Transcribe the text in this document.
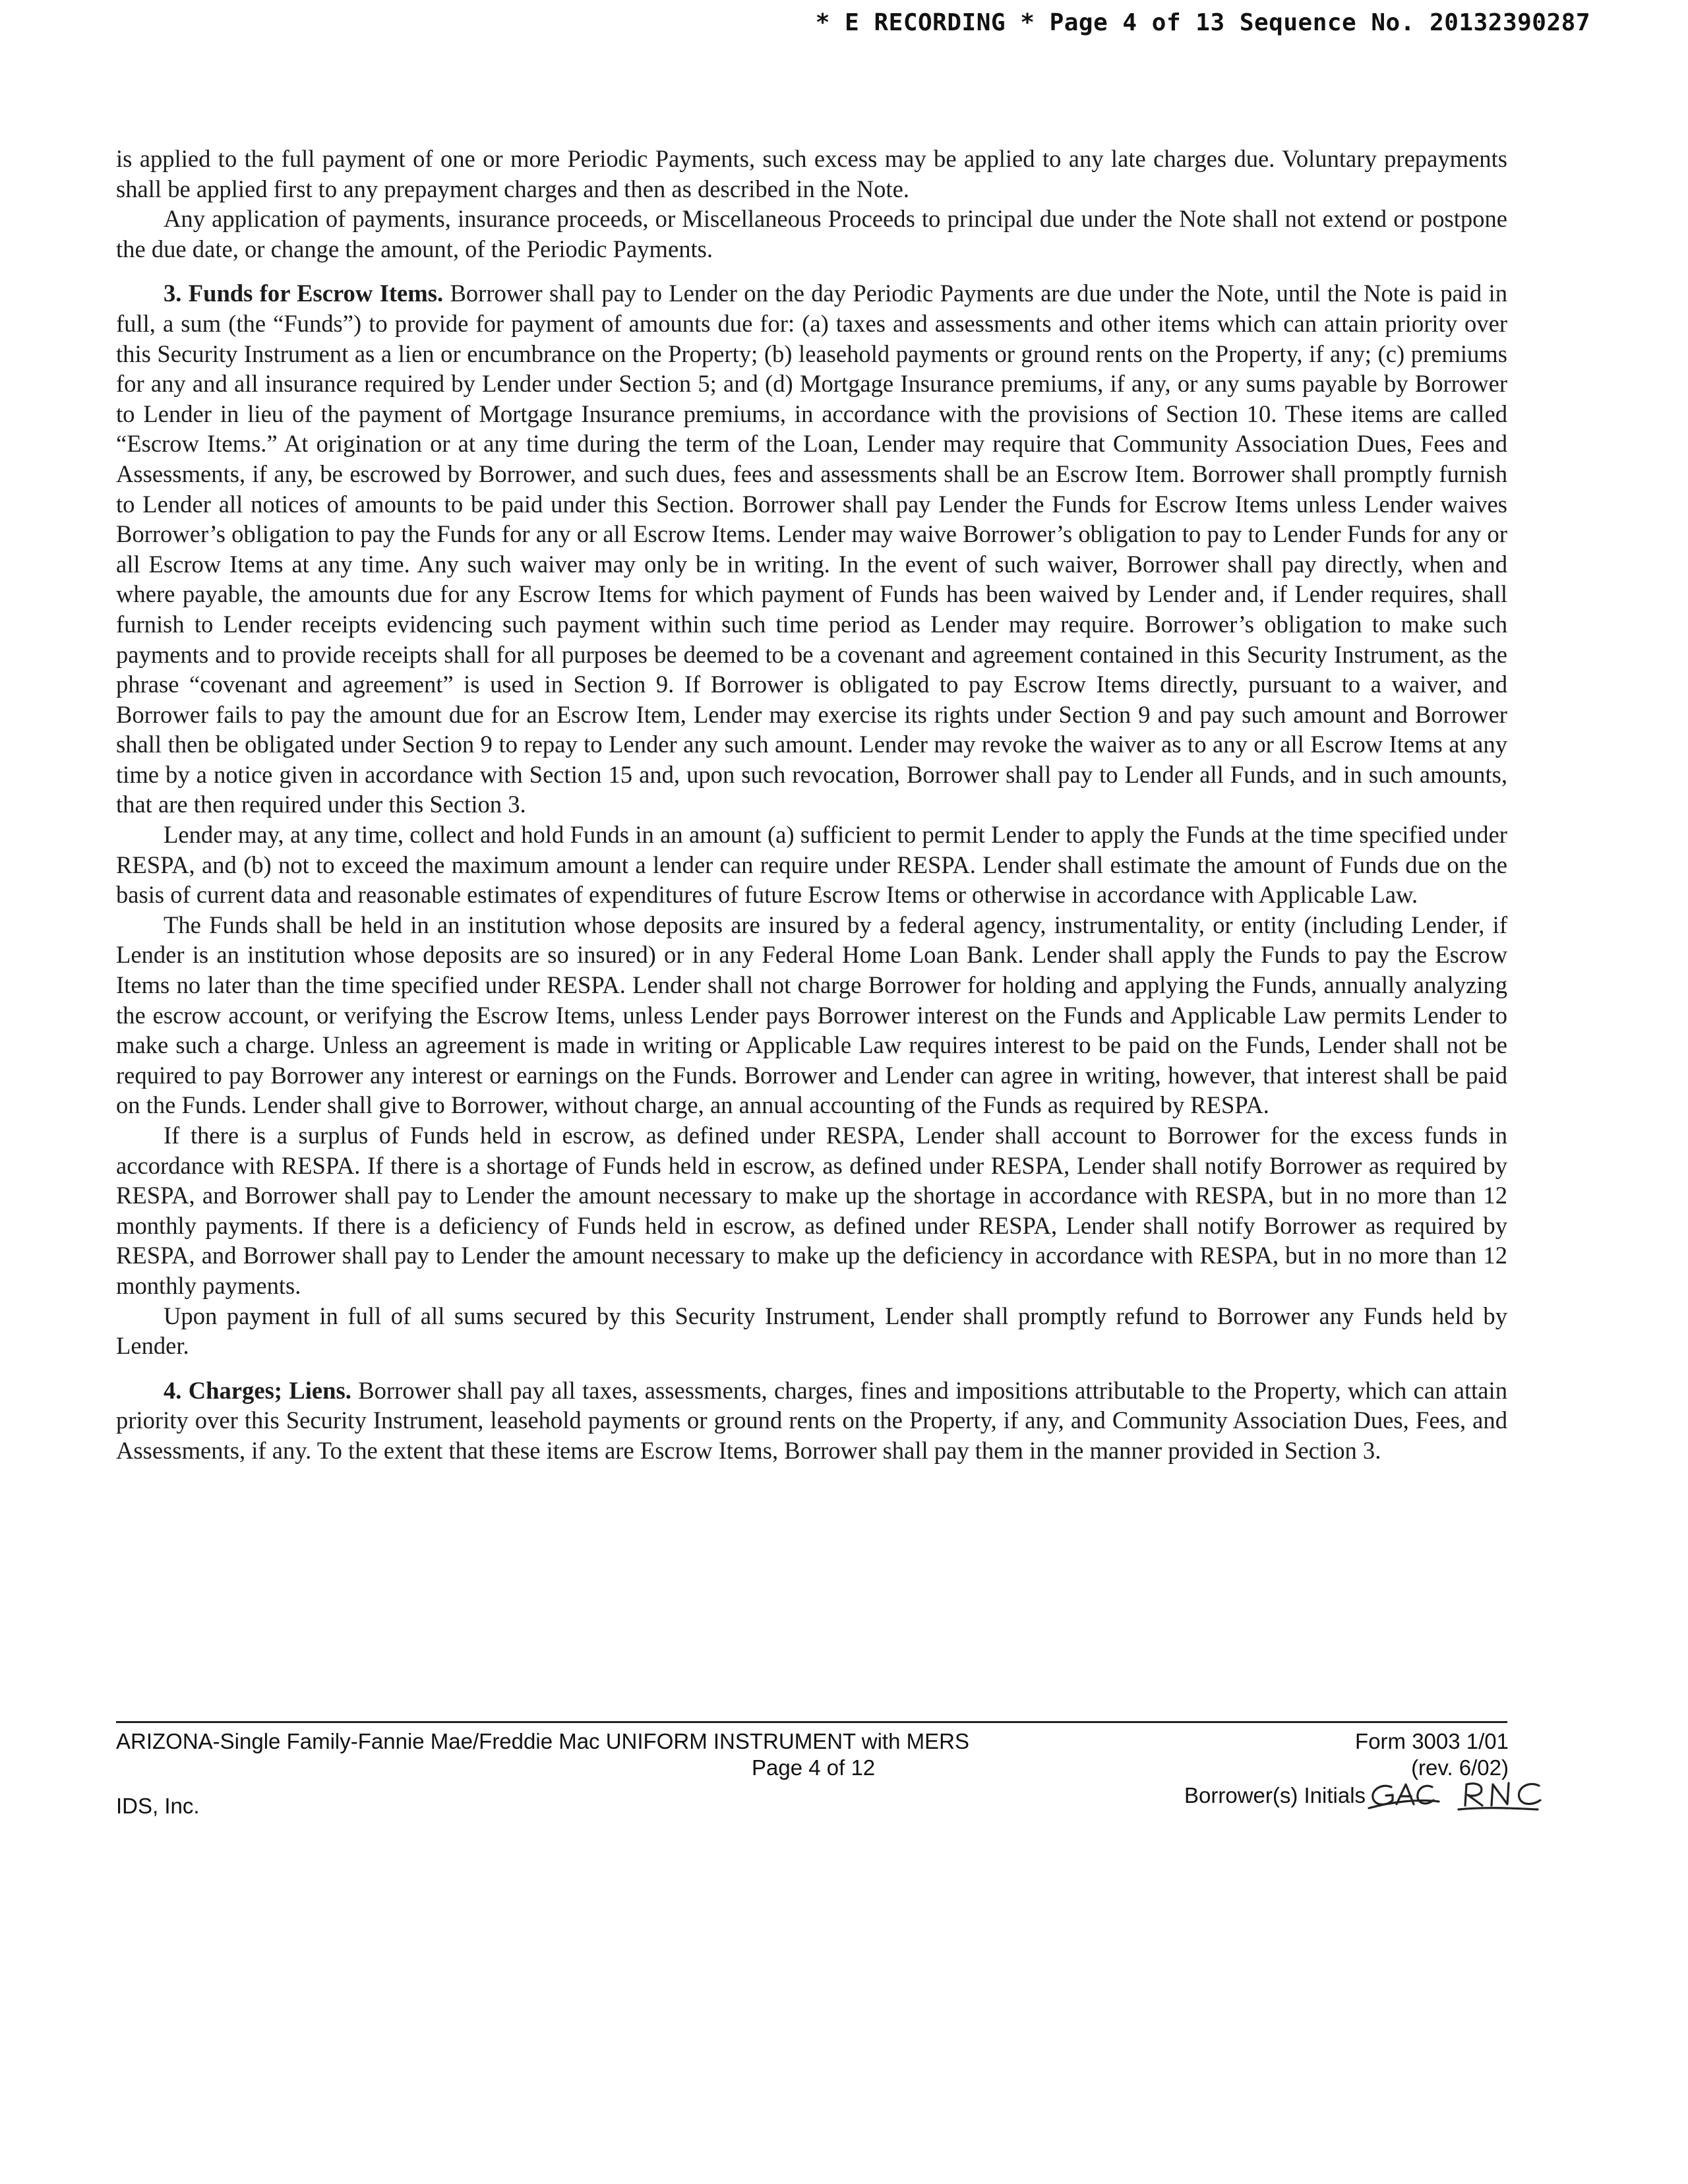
* E RECORDING * Page 4 of 13 Sequence No. 20132390287

is applied to the full payment of one or more Periodic Payments, such excess may be applied to any late charges due. Voluntary prepayments shall be applied first to any prepayment charges and then as described in the Note.

Any application of payments, insurance proceeds, or Miscellaneous Proceeds to principal due under the Note shall not extend or postpone the due date, or change the amount, of the Periodic Payments.

3. Funds for Escrow Items. Borrower shall pay to Lender on the day Periodic Payments are due under the Note, until the Note is paid in full, a sum (the “Funds”) to provide for payment of amounts due for: (a) taxes and assessments and other items which can attain priority over this Security Instrument as a lien or encumbrance on the Property; (b) leasehold payments or ground rents on the Property, if any; (c) premiums for any and all insurance required by Lender under Section 5; and (d) Mortgage Insurance premiums, if any, or any sums payable by Borrower to Lender in lieu of the payment of Mortgage Insurance premiums, in accordance with the provisions of Section 10. These items are called “Escrow Items.” At origination or at any time during the term of the Loan, Lender may require that Community Association Dues, Fees and Assessments, if any, be escrowed by Borrower, and such dues, fees and assessments shall be an Escrow Item. Borrower shall promptly furnish to Lender all notices of amounts to be paid under this Section. Borrower shall pay Lender the Funds for Escrow Items unless Lender waives Borrower’s obligation to pay the Funds for any or all Escrow Items. Lender may waive Borrower’s obligation to pay to Lender Funds for any or all Escrow Items at any time. Any such waiver may only be in writing. In the event of such waiver, Borrower shall pay directly, when and where payable, the amounts due for any Escrow Items for which payment of Funds has been waived by Lender and, if Lender requires, shall furnish to Lender receipts evidencing such payment within such time period as Lender may require. Borrower’s obligation to make such payments and to provide receipts shall for all purposes be deemed to be a covenant and agreement contained in this Security Instrument, as the phrase “covenant and agreement” is used in Section 9. If Borrower is obligated to pay Escrow Items directly, pursuant to a waiver, and Borrower fails to pay the amount due for an Escrow Item, Lender may exercise its rights under Section 9 and pay such amount and Borrower shall then be obligated under Section 9 to repay to Lender any such amount. Lender may revoke the waiver as to any or all Escrow Items at any time by a notice given in accordance with Section 15 and, upon such revocation, Borrower shall pay to Lender all Funds, and in such amounts, that are then required under this Section 3.

Lender may, at any time, collect and hold Funds in an amount (a) sufficient to permit Lender to apply the Funds at the time specified under RESPA, and (b) not to exceed the maximum amount a lender can require under RESPA. Lender shall estimate the amount of Funds due on the basis of current data and reasonable estimates of expenditures of future Escrow Items or otherwise in accordance with Applicable Law.

The Funds shall be held in an institution whose deposits are insured by a federal agency, instrumentality, or entity (including Lender, if Lender is an institution whose deposits are so insured) or in any Federal Home Loan Bank. Lender shall apply the Funds to pay the Escrow Items no later than the time specified under RESPA. Lender shall not charge Borrower for holding and applying the Funds, annually analyzing the escrow account, or verifying the Escrow Items, unless Lender pays Borrower interest on the Funds and Applicable Law permits Lender to make such a charge. Unless an agreement is made in writing or Applicable Law requires interest to be paid on the Funds, Lender shall not be required to pay Borrower any interest or earnings on the Funds. Borrower and Lender can agree in writing, however, that interest shall be paid on the Funds. Lender shall give to Borrower, without charge, an annual accounting of the Funds as required by RESPA.

If there is a surplus of Funds held in escrow, as defined under RESPA, Lender shall account to Borrower for the excess funds in accordance with RESPA. If there is a shortage of Funds held in escrow, as defined under RESPA, Lender shall notify Borrower as required by RESPA, and Borrower shall pay to Lender the amount necessary to make up the shortage in accordance with RESPA, but in no more than 12 monthly payments. If there is a deficiency of Funds held in escrow, as defined under RESPA, Lender shall notify Borrower as required by RESPA, and Borrower shall pay to Lender the amount necessary to make up the deficiency in accordance with RESPA, but in no more than 12 monthly payments.

Upon payment in full of all sums secured by this Security Instrument, Lender shall promptly refund to Borrower any Funds held by Lender.

4. Charges; Liens. Borrower shall pay all taxes, assessments, charges, fines and impositions attributable to the Property, which can attain priority over this Security Instrument, leasehold payments or ground rents on the Property, if any, and Community Association Dues, Fees, and Assessments, if any. To the extent that these items are Escrow Items, Borrower shall pay them in the manner provided in Section 3.

ARIZONA-Single Family-Fannie Mae/Freddie Mac UNIFORM INSTRUMENT with MERS
Page 4 of 12
IDS, Inc.
Form 3003 1/01
(rev. 6/02)
Borrower(s) Initials
